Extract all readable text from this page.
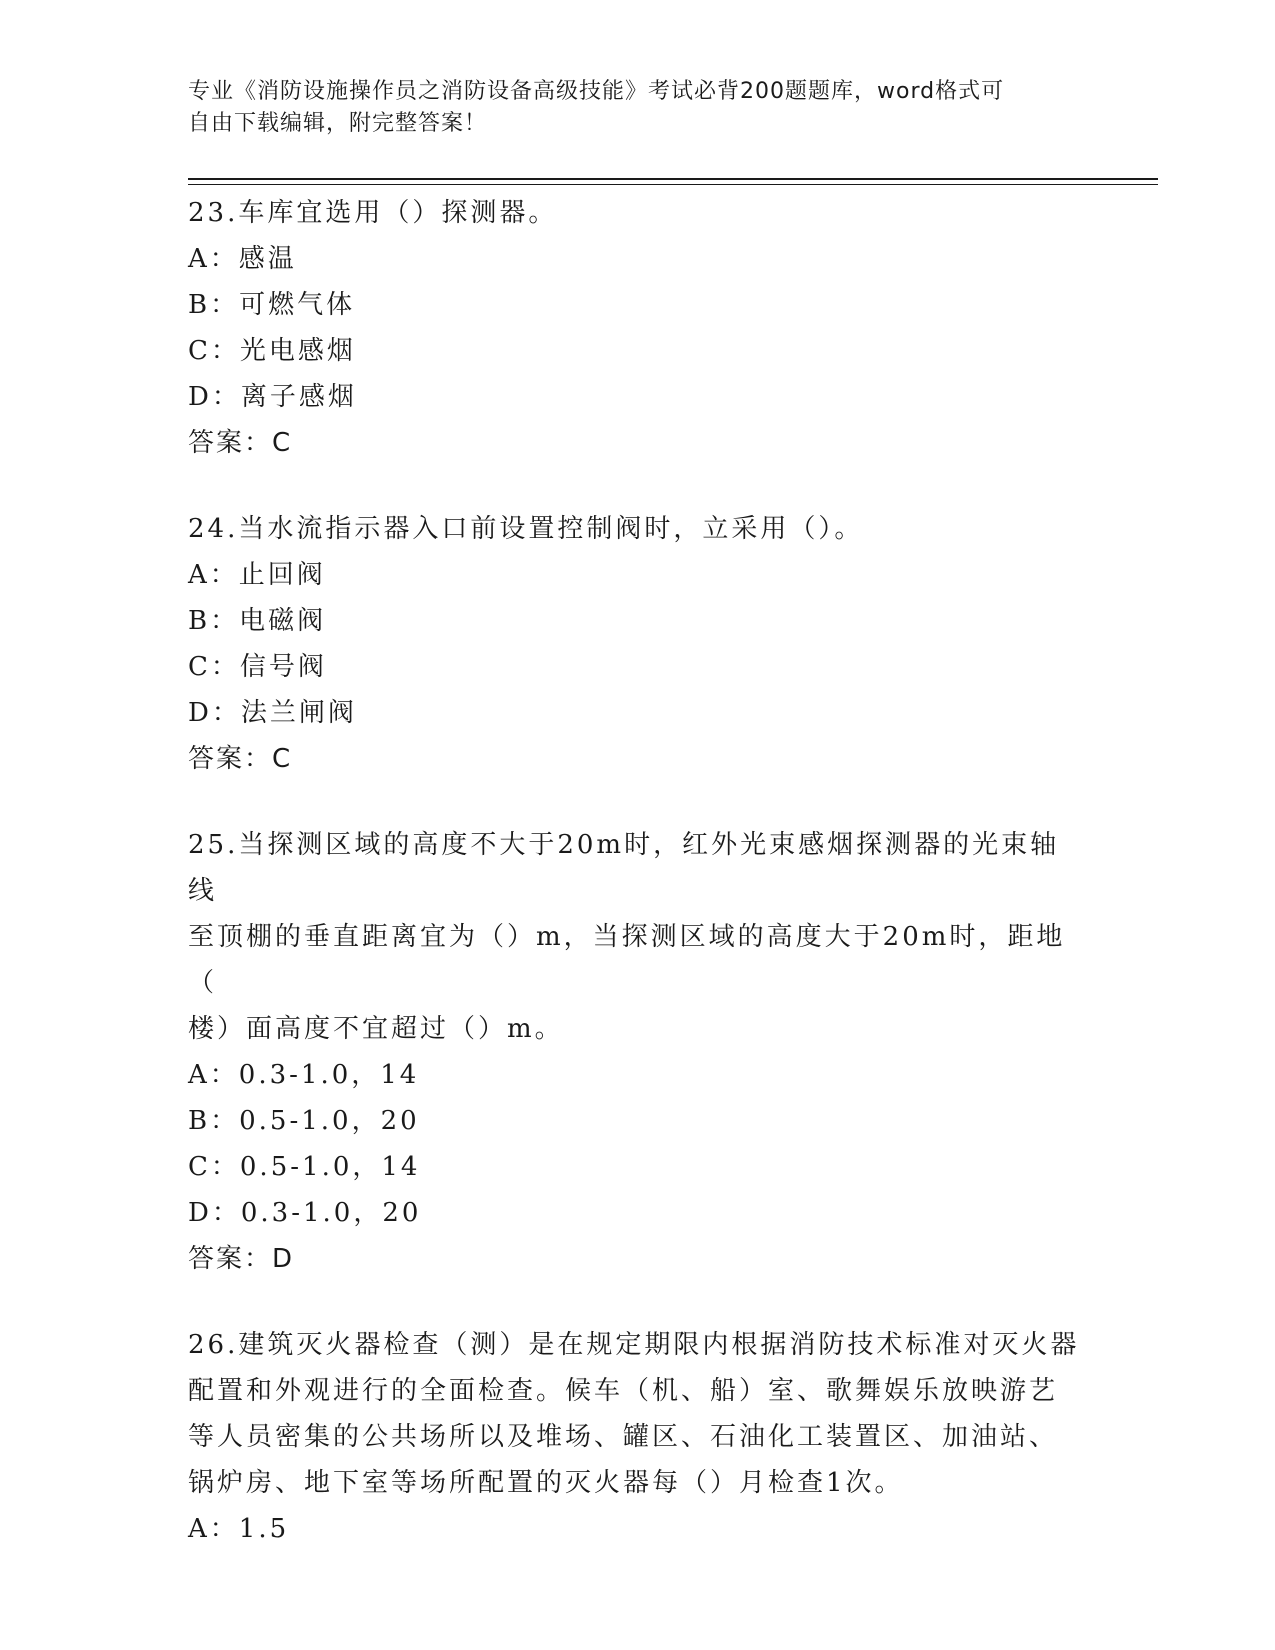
专业《消防设施操作员之消防设备高级技能》考试必背200题题库，word格式可
自由下载编辑，附完整答案！

23.车库宜选用（）探测器。

A：感温

B：可燃气体

C：光电感烟

D：离子感烟

答案：C

24.当水流指示器入口前设置控制阀时，立采用（）。

A：止回阀

B：电磁阀

C：信号阀

D：法兰闸阀

答案：C

25.当探测区域的高度不大于20m时，红外光束感烟探测器的光束轴线

至顶棚的垂直距离宜为（）m，当探测区域的高度大于20m时，距地（

楼）面高度不宜超过（）m。

A：0.3-1.0，14

B：0.5-1.0，20

C：0.5-1.0，14

D：0.3-1.0，20

答案：D

26.建筑灭火器检查（测）是在规定期限内根据消防技术标准对灭火器

配置和外观进行的全面检查。候车（机、船）室、歌舞娱乐放映游艺

等人员密集的公共场所以及堆场、罐区、石油化工装置区、加油站、

锅炉房、地下室等场所配置的灭火器每（）月检查1次。

A：1.5
